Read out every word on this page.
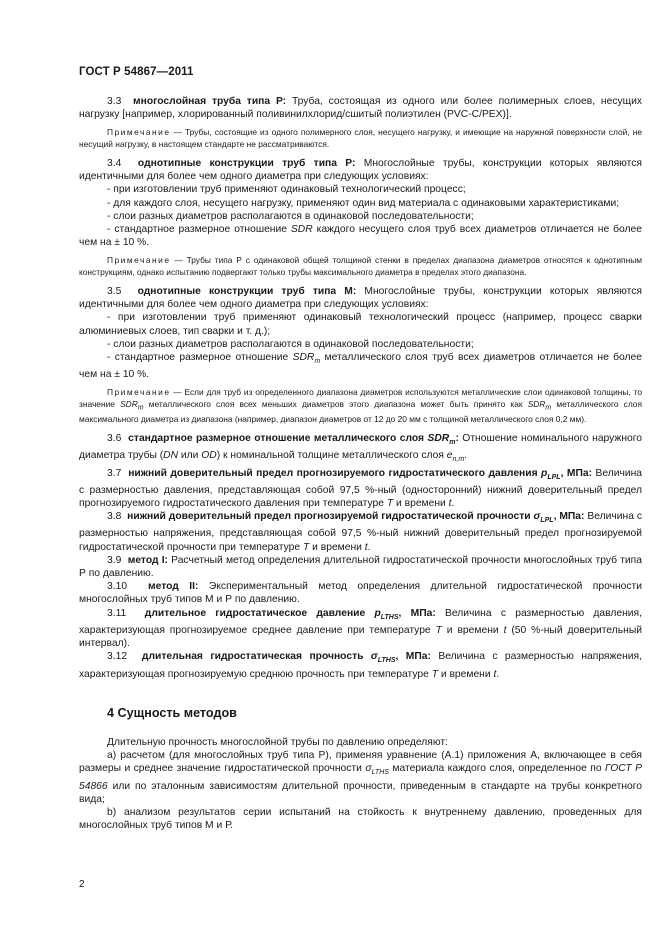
ГОСТ Р 54867—2011

3.3 многослойная труба типа Р: Труба, состоящая из одного или более полимерных слоев, несущих нагрузку [например, хлорированный поливинилхлорид/сшитый полиэтилен (PVC-C/PEX)].

Примечание — Трубы, состоящие из одного полимерного слоя, несущего нагрузку, и имеющие на наружной поверхности слой, не несущий нагрузку, в настоящем стандарте не рассматриваются.

3.4 однотипные конструкции труб типа Р: Многослойные трубы, конструкции которых являются идентичными для более чем одного диаметра при следующих условиях:

- при изготовлении труб применяют одинаковый технологический процесс;

- для каждого слоя, несущего нагрузку, применяют один вид материала с одинаковыми характеристиками;

- слои разных диаметров располагаются в одинаковой последовательности;

- стандартное размерное отношение SDR каждого несущего слоя труб всех диаметров отличается не более чем на ± 10 %.

Примечание — Трубы типа Р с одинаковой общей толщиной стенки в пределах диапазона диаметров относятся к однотипным конструкциям, однако испытанию подвергают только трубы максимального диаметра в пределах этого диапазона.

3.5 однотипные конструкции труб типа М: Многослойные трубы, конструкции которых являются идентичными для более чем одного диаметра при следующих условиях:

- при изготовлении труб применяют одинаковый технологический процесс (например, процесс сварки алюминиевых слоев, тип сварки и т. д.);

- слои разных диаметров располагаются в одинаковой последовательности;

- стандартное размерное отношение $SDR_m$ металлического слоя труб всех диаметров отличается не более чем на ± 10 %.

Примечание — Если для труб из определенного диапазона диаметров используются металлические слои одинаковой толщины, то значение $SDR_m$ металлического слоя всех меньших диаметров этого диапазона может быть принято как $SDR_m$ металлического слоя максимального диаметра из диапазона (например, диапазон диаметров от 12 до 20 мм с толщиной металлического слоя 0,2 мм).

3.6 стандартное размерное отношение металлического слоя $SDR_m$: Отношение номинального наружного диаметра трубы (DN или OD) к номинальной толщине металлического слоя $e_{n,m}$.

3.7 нижний доверительный предел прогнозируемого гидростатического давления $p_{LPL}$, МПа: Величина с размерностью давления, представляющая собой 97,5 %-ный (односторонний) нижний доверительный предел прогнозируемого гидростатического давления при температуре T и времени t.

3.8 нижний доверительный предел прогнозируемой гидростатической прочности $\sigma_{LPL}$, МПа: Величина с размерностью напряжения, представляющая собой 97,5 %-ный нижний доверительный предел прогнозируемой гидростатической прочности при температуре T и времени t.

3.9 метод I: Расчетный метод определения длительной гидростатической прочности многослойных труб типа Р по давлению.

3.10 метод II: Экспериментальный метод определения длительной гидростатической прочности многослойных труб типов М и Р по давлению.

3.11 длительное гидростатическое давление $p_{LTHS}$, МПа: Величина с размерностью давления, характеризующая прогнозируемое среднее давление при температуре T и времени t (50 %-ный доверительный интервал).

3.12 длительная гидростатическая прочность $\sigma_{LTHS}$, МПа: Величина с размерностью напряжения, характеризующая прогнозируемую среднюю прочность при температуре T и времени t.

4 Сущность методов

Длительную прочность многослойной трубы по давлению определяют:

а) расчетом (для многослойных труб типа Р), применяя уравнение (А.1) приложения А, включающее в себя размеры и среднее значение гидростатической прочности $\sigma_{LTHS}$ материала каждого слоя, определенное по ГОСТ Р 54866 или по эталонным зависимостям длительной прочности, приведенным в стандарте на трубы конкретного вида;

b) анализом результатов серии испытаний на стойкость к внутреннему давлению, проведенных для многослойных труб типов М и Р.

2
